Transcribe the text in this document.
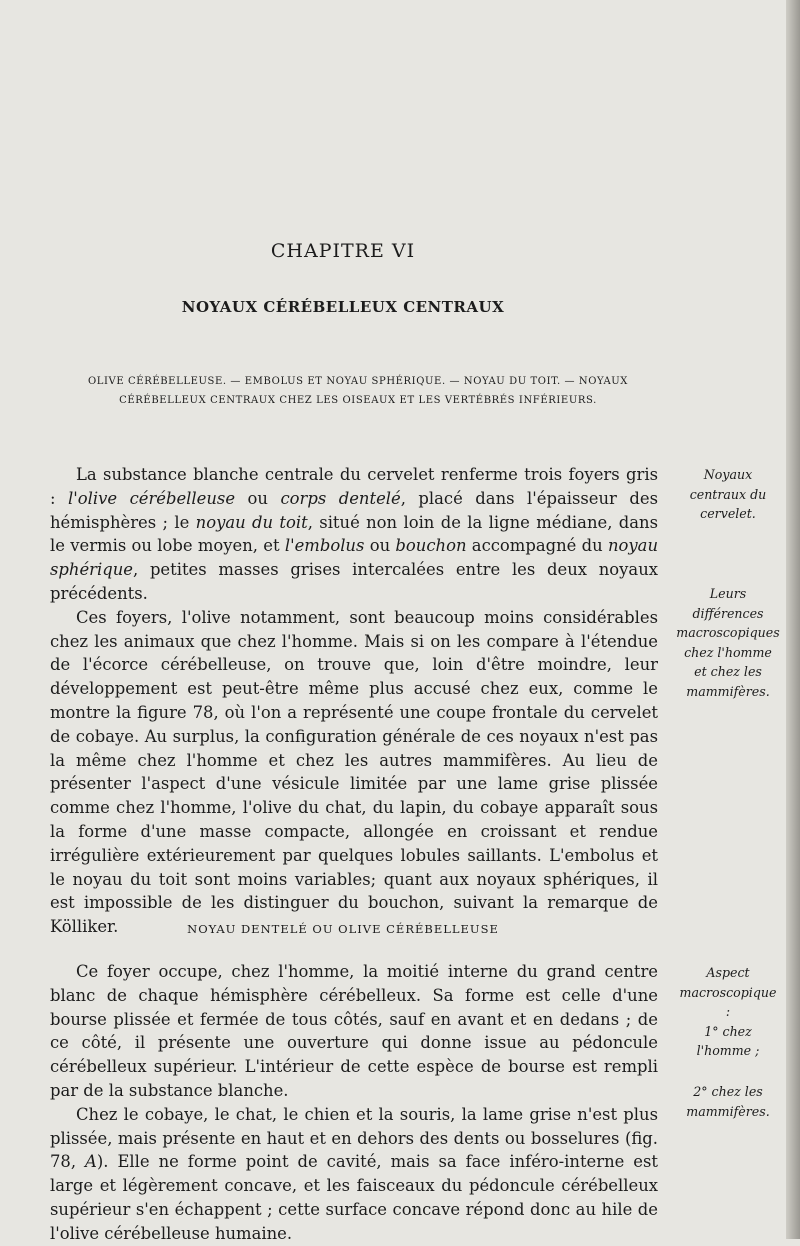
CHAPITRE VI
NOYAUX CÉRÉBELLEUX CENTRAUX

OLIVE CÉRÉBELLEUSE. — EMBOLUS ET NOYAU SPHÉRIQUE. — NOYAU DU TOIT. — NOYAUX CÉRÉBELLEUX CENTRAUX CHEZ LES OISEAUX ET LES VERTÉBRÉS INFÉRIEURS.

La substance blanche centrale du cervelet renferme trois foyers gris : l'olive cérébelleuse ou corps dentelé, placé dans l'épaisseur des hémisphères ; le noyau du toit, situé non loin de la ligne médiane, dans le vermis ou lobe moyen, et l'embolus ou bouchon accompagné du noyau sphérique, petites masses grises intercalées entre les deux noyaux précédents.

Ces foyers, l'olive notamment, sont beaucoup moins considérables chez les animaux que chez l'homme. Mais si on les compare à l'étendue de l'écorce cérébelleuse, on trouve que, loin d'être moindre, leur développement est peut-être même plus accusé chez eux, comme le montre la figure 78, où l'on a représenté une coupe frontale du cervelet de cobaye. Au surplus, la configuration générale de ces noyaux n'est pas la même chez l'homme et chez les autres mammifères. Au lieu de présenter l'aspect d'une vésicule limitée par une lame grise plissée comme chez l'homme, l'olive du chat, du lapin, du cobaye apparaît sous la forme d'une masse compacte, allongée en croissant et rendue irrégulière extérieurement par quelques lobules saillants. L'embolus et le noyau du toit sont moins variables; quant aux noyaux sphériques, il est impossible de les distinguer du bouchon, suivant la remarque de Kölliker.	NOYAU DENTELÉ OU OLIVE CÉRÉBELLEUSE

Ce foyer occupe, chez l'homme, la moitié interne du grand centre blanc de chaque hémisphère cérébelleux. Sa forme est celle d'une bourse plissée et fermée de tous côtés, sauf en avant et en dedans ; de ce côté, il présente une ouverture qui donne issue au pédoncule cérébelleux supérieur. L'intérieur de cette espèce de bourse est rempli par de la substance blanche.

Chez le cobaye, le chat, le chien et la souris, la lame grise n'est plus plissée, mais présente en haut et en dehors des dents ou bosselures (fig. 78, A). Elle ne forme point de cavité, mais sa face inféro-interne est large et légèrement concave, et les faisceaux du pédoncule cérébelleux supérieur s'en échappent ; cette surface concave répond donc au hile de l'olive cérébelleuse humaine.

Noyaux centraux du cervelet.

Leurs différences macroscopiques chez l'homme et chez les mammifères.

Aspect macroscopique :
1° chez l'homme ;

2° chez les mammifères.
